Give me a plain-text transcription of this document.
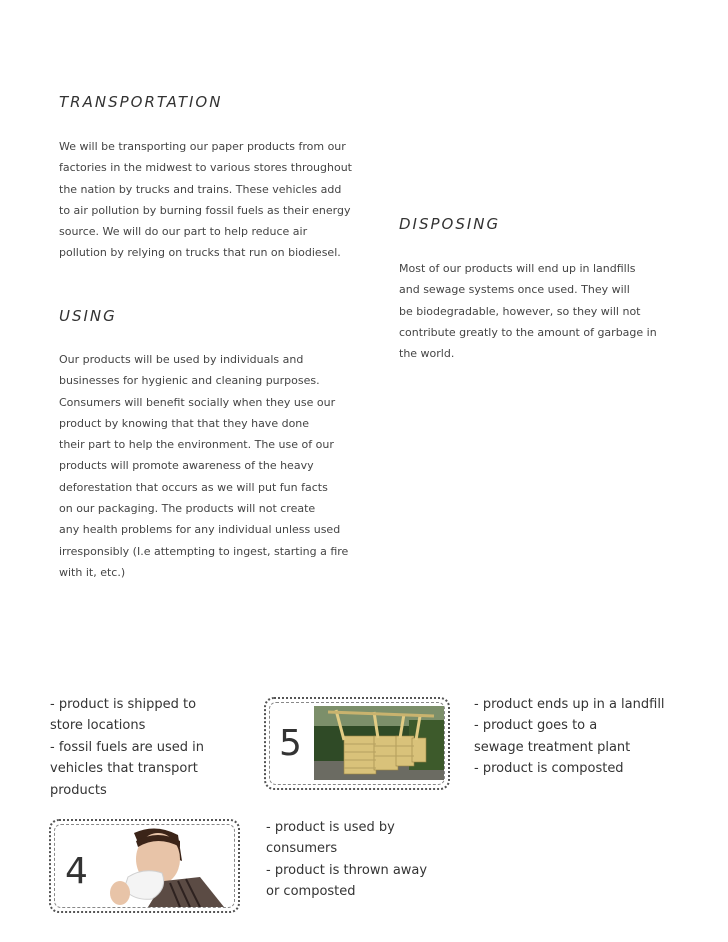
TRANSPORTATION
We will be transporting our paper products from our
factories in the midwest to various stores throughout
the nation by trucks and trains. These vehicles add
to air pollution by burning fossil fuels as their energy
source. We will do our part to help reduce air
pollution by relying on trucks that run on biodiesel.
DISPOSING
Most of our products will end up in landfills
and sewage systems once used. They will
be biodegradable, however, so they will not
contribute greatly to the amount of garbage in
the world.
USING
Our products will be used by individuals and
businesses for hygienic and cleaning purposes.
Consumers will benefit socially when they use our
product by knowing that that they have done
their part to help the environment. The use of our
products will promote awareness of the heavy
deforestation that occurs as we will put fun facts
on our packaging. The products will not create
any health problems for any individual unless used
irresponsibly (I.e attempting to ingest, starting a fire
with it, etc.)
- product is shipped to
store locations
- fossil fuels are used in
vehicles that transport
products
5
- product ends up in a landfill
- product goes to a
sewage treatment plant
- product is composted
4
- product is used by
consumers
- product is thrown away
or composted
